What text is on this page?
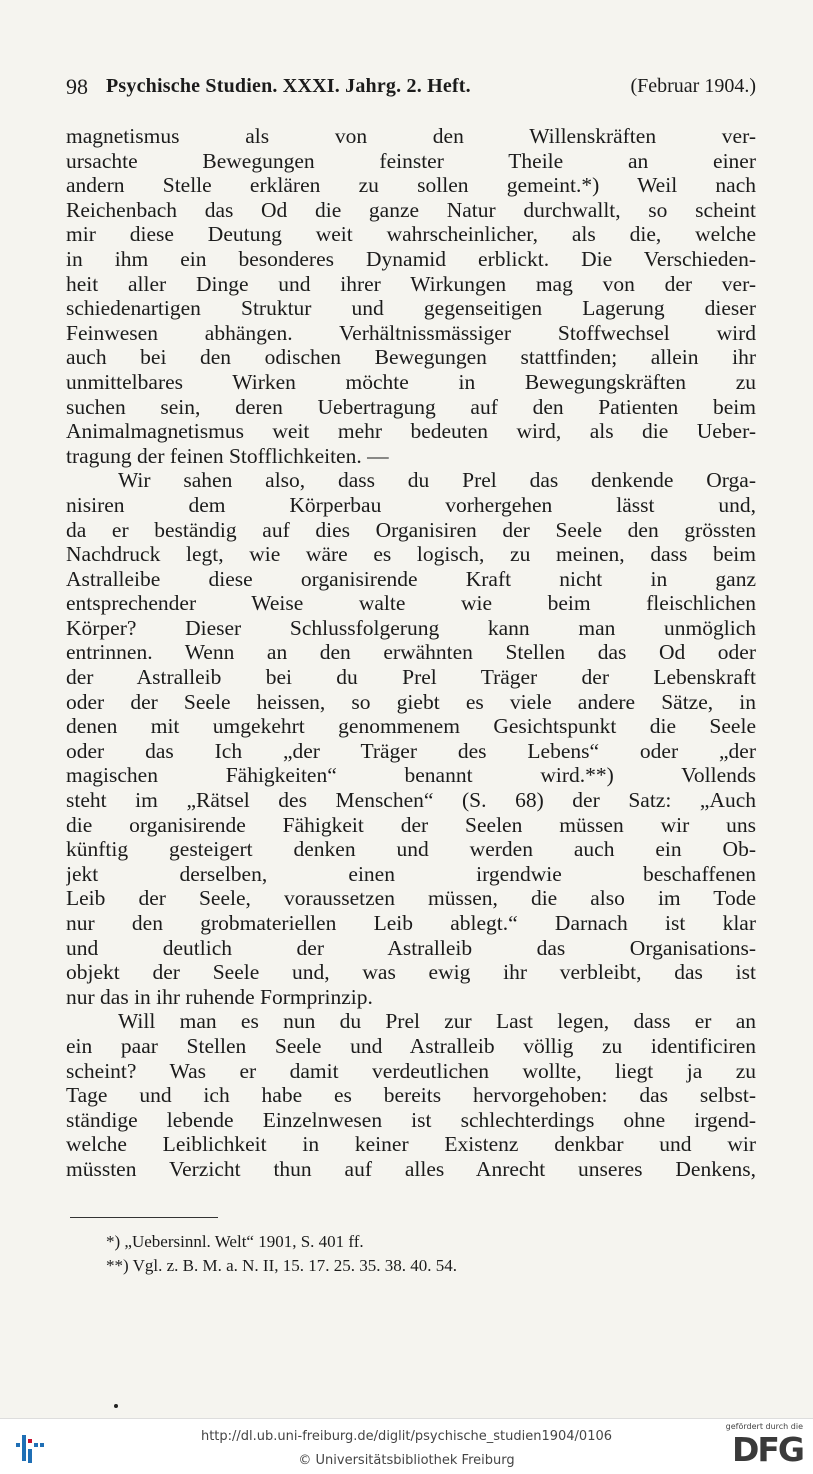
98 Psychische Studien. XXXI. Jahrg. 2. Heft.	(Februar 1904.)
magnetismus als von den Willenskräften ver-
ursachte Bewegungen feinster Theile an einer
andern Stelle erklären zu sollen gemeint.*) Weil nach
Reichenbach das Od die ganze Natur durchwallt, so scheint
mir diese Deutung weit wahrscheinlicher, als die, welche
in ihm ein besonderes Dynamid erblickt. Die Verschieden-
heit aller Dinge und ihrer Wirkungen mag von der ver-
schiedenartigen Struktur und gegenseitigen Lagerung dieser
Feinwesen abhängen. Verhältnissmässiger Stoffwechsel wird
auch bei den odischen Bewegungen stattfinden; allein ihr
unmittelbares Wirken möchte in Bewegungskräften zu
suchen sein, deren Uebertragung auf den Patienten beim
Animalmagnetismus weit mehr bedeuten wird, als die Ueber-
tragung der feinen Stofflichkeiten. —
Wir sahen also, dass du Prel das denkende Orga-
nisiren dem Körperbau vorhergehen lässt und,
da er beständig auf dies Organisiren der Seele den grössten
Nachdruck legt, wie wäre es logisch, zu meinen, dass beim
Astralleibe diese organisirende Kraft nicht in ganz
entsprechender Weise walte wie beim fleischlichen
Körper? Dieser Schlussfolgerung kann man unmöglich
entrinnen. Wenn an den erwähnten Stellen das Od oder
der Astralleib bei du Prel Träger der Lebenskraft
oder der Seele heissen, so giebt es viele andere Sätze, in
denen mit umgekehrt genommenem Gesichtspunkt die Seele
oder das Ich „der Träger des Lebens“ oder „der
magischen Fähigkeiten“ benannt wird.**) Vollends
steht im „Rätsel des Menschen“ (S. 68) der Satz: „Auch
die organisirende Fähigkeit der Seelen müssen wir uns
künftig gesteigert denken und werden auch ein Ob-
jekt derselben, einen irgendwie beschaffenen
Leib der Seele, voraussetzen müssen, die also im Tode
nur den grobmateriellen Leib ablegt.“ Darnach ist klar
und deutlich der Astralleib das Organisations-
objekt der Seele und, was ewig ihr verbleibt, das ist
nur das in ihr ruhende Formprinzip.
Will man es nun du Prel zur Last legen, dass er an
ein paar Stellen Seele und Astralleib völlig zu identificiren
scheint? Was er damit verdeutlichen wollte, liegt ja zu
Tage und ich habe es bereits hervorgehoben: das selbst-
ständige lebende Einzelnwesen ist schlechterdings ohne irgend-
welche Leiblichkeit in keiner Existenz denkbar und wir
müssten Verzicht thun auf alles Anrecht unseres Denkens,
*) „Uebersinnl. Welt“ 1901, S. 401 ff.
**) Vgl. z. B. M. a. N. II, 15. 17. 25. 35. 38. 40. 54.
http://dl.ub.uni-freiburg.de/diglit/psychische_studien1904/0106
© Universitätsbibliothek Freiburg
gefördert durch die
DFG
